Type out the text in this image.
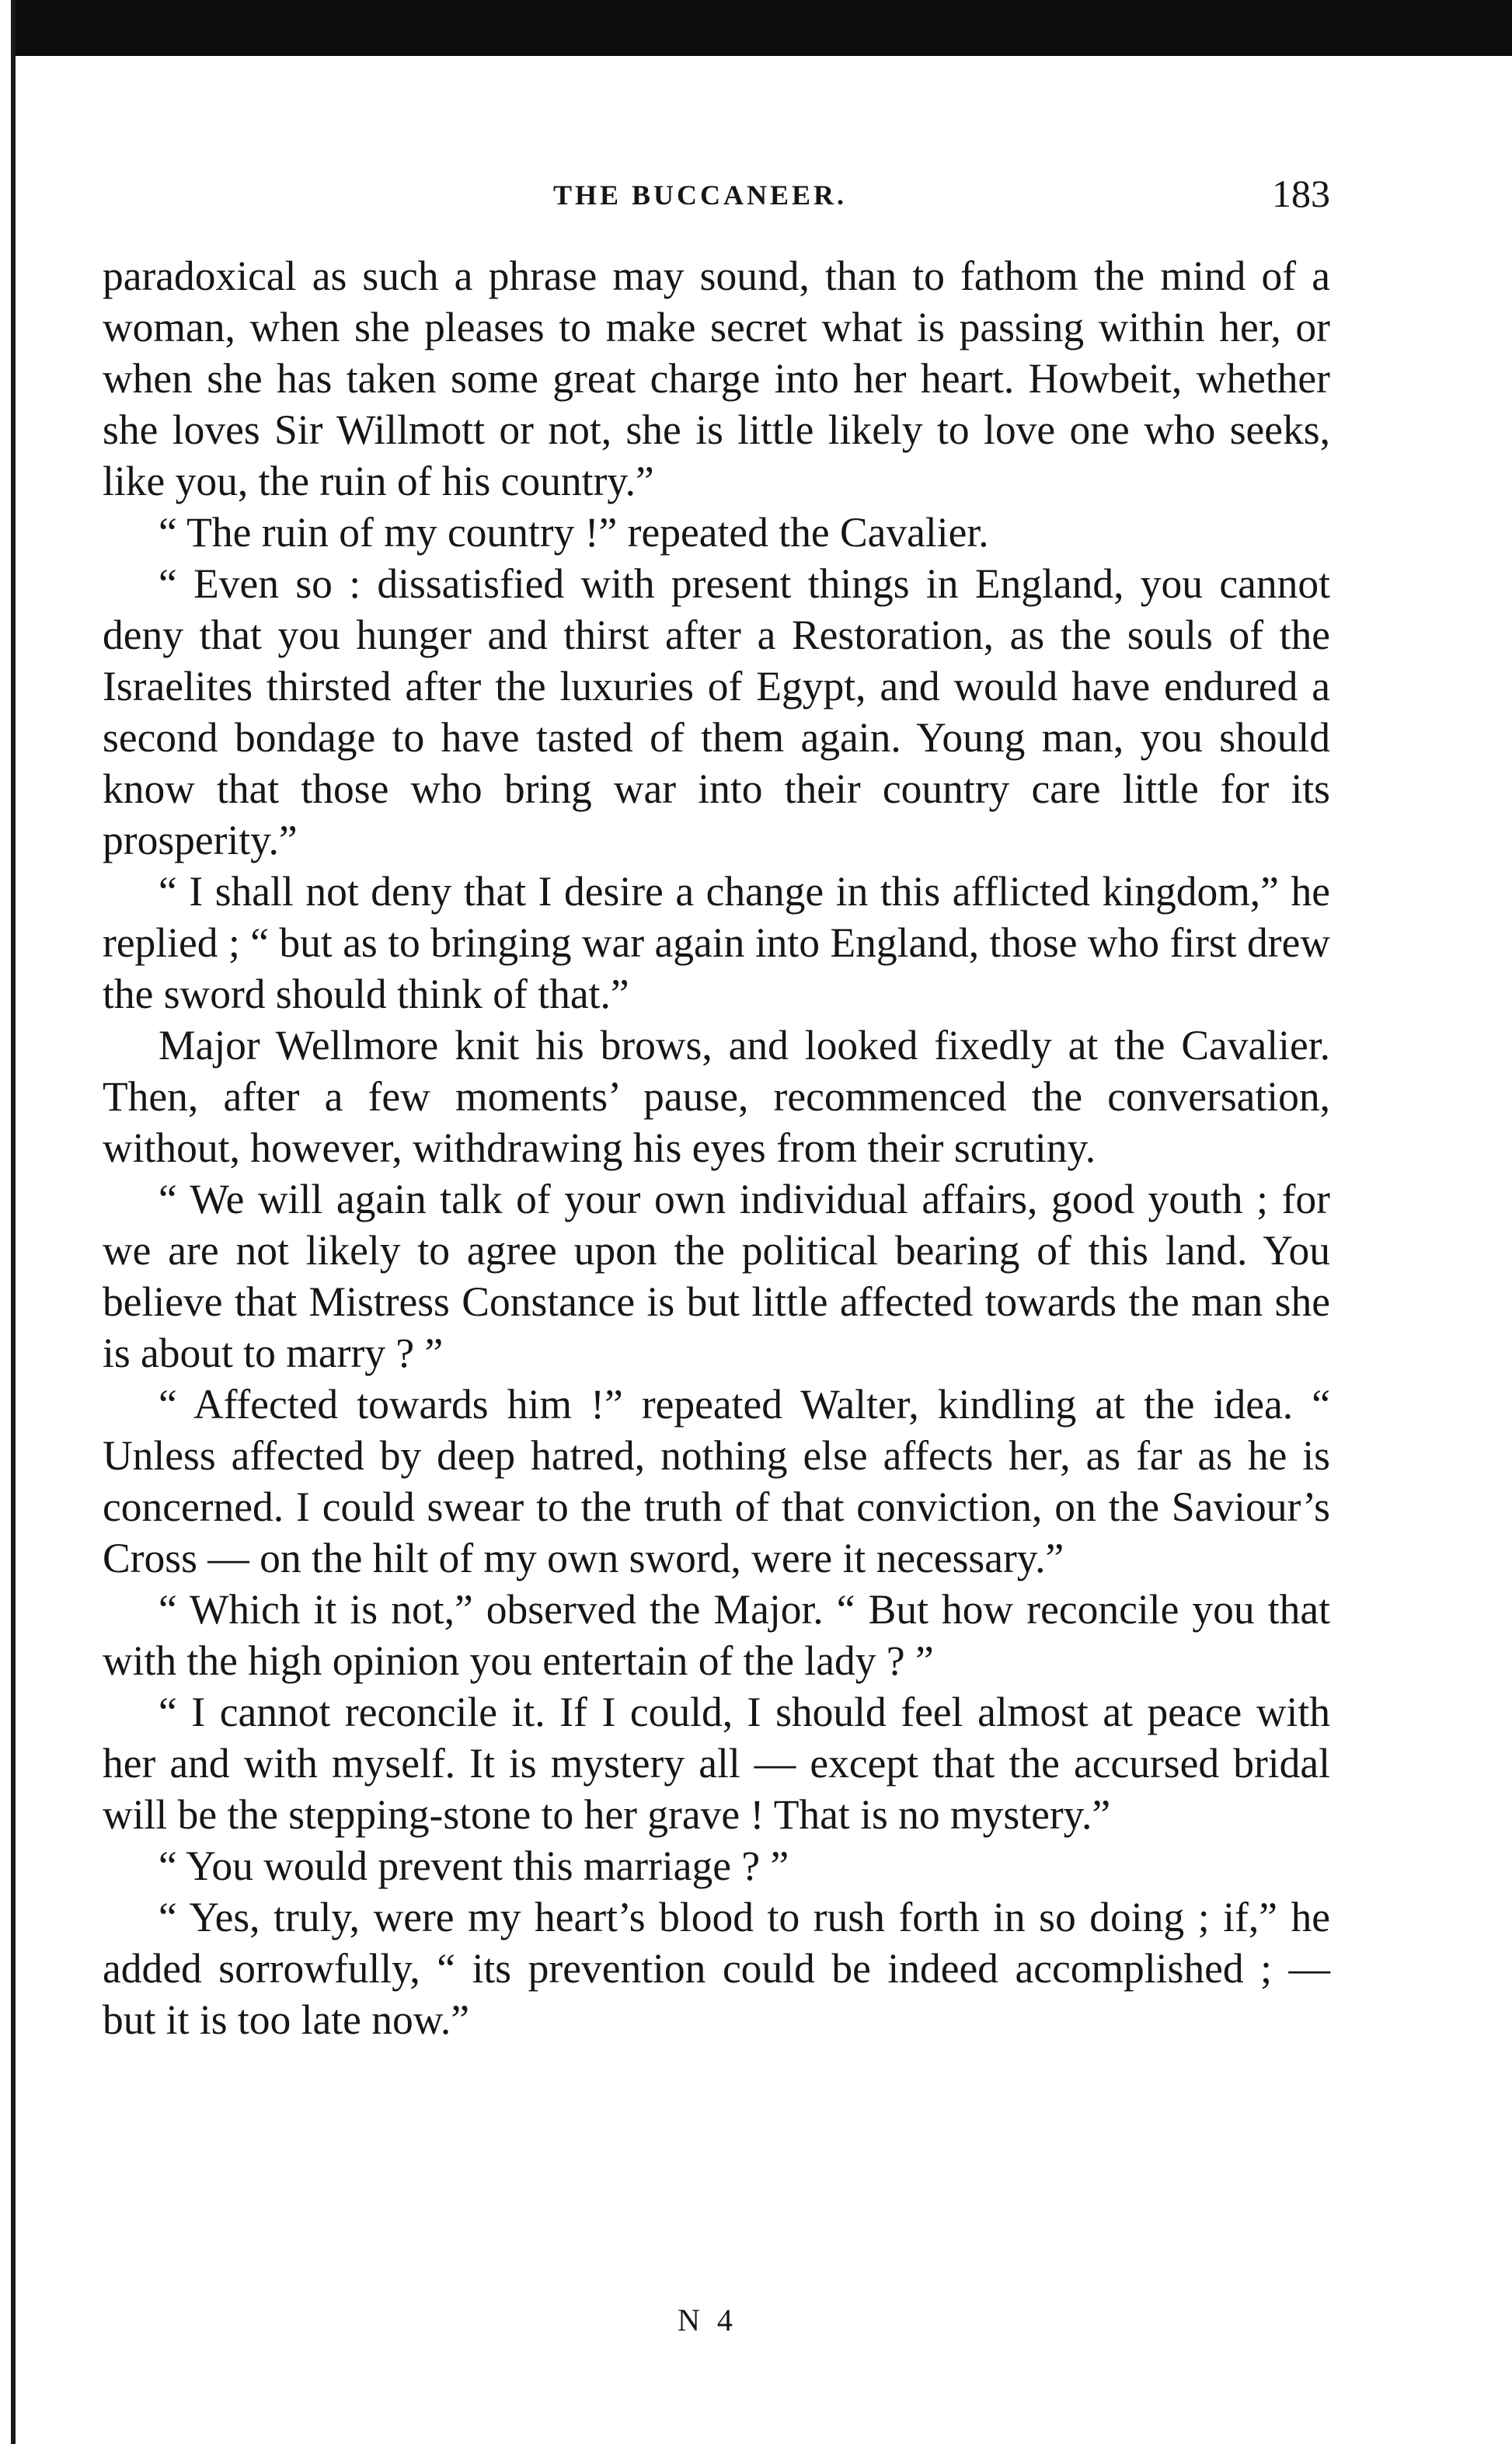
THE BUCCANEER.	183

paradoxical as such a phrase may sound, than to fathom the mind of a woman, when she pleases to make secret what is passing within her, or when she has taken some great charge into her heart. Howbeit, whether she loves Sir Willmott or not, she is little likely to love one who seeks, like you, the ruin of his country.”

“ The ruin of my country !” repeated the Cavalier.

“ Even so : dissatisfied with present things in England, you cannot deny that you hunger and thirst after a Restoration, as the souls of the Israelites thirsted after the luxuries of Egypt, and would have endured a second bondage to have tasted of them again. Young man, you should know that those who bring war into their country care little for its prosperity.”

“ I shall not deny that I desire a change in this afflicted kingdom,” he replied ; “ but as to bringing war again into England, those who first drew the sword should think of that.”

Major Wellmore knit his brows, and looked fixedly at the Cavalier. Then, after a few moments’ pause, recommenced the conversation, without, however, withdrawing his eyes from their scrutiny.

“ We will again talk of your own individual affairs, good youth ; for we are not likely to agree upon the political bearing of this land. You believe that Mistress Constance is but little affected towards the man she is about to marry ? ”

“ Affected towards him !” repeated Walter, kindling at the idea. “ Unless affected by deep hatred, nothing else affects her, as far as he is concerned. I could swear to the truth of that conviction, on the Saviour’s Cross — on the hilt of my own sword, were it necessary.”

“ Which it is not,” observed the Major. “ But how reconcile you that with the high opinion you entertain of the lady ? ”

“ I cannot reconcile it. If I could, I should feel almost at peace with her and with myself. It is mystery all — except that the accursed bridal will be the stepping-stone to her grave ! That is no mystery.”

“ You would prevent this marriage ? ”

“ Yes, truly, were my heart’s blood to rush forth in so doing ; if,” he added sorrowfully, “ its prevention could be indeed accomplished ; — but it is too late now.”

N 4
